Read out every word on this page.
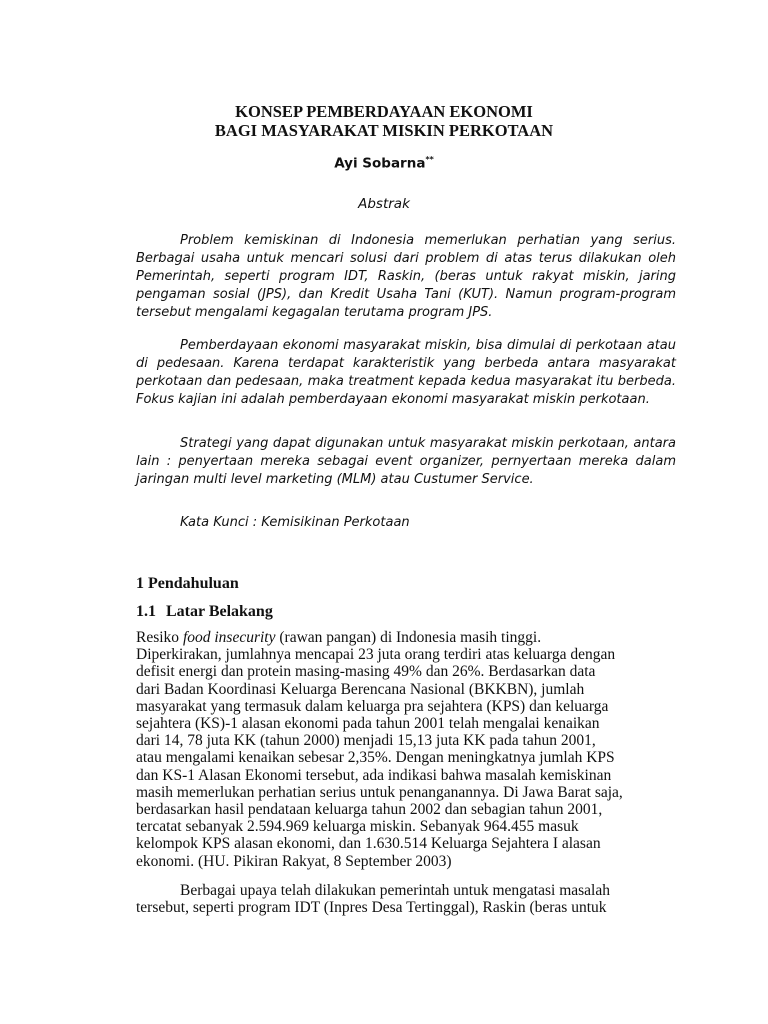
KONSEP PEMBERDAYAAN EKONOMI
BAGI MASYARAKAT MISKIN PERKOTAAN
Ayi Sobarna**
Abstrak

Problem kemiskinan di Indonesia memerlukan perhatian yang serius. Berbagai usaha untuk mencari solusi dari problem di atas terus dilakukan oleh Pemerintah, seperti program IDT, Raskin, (beras untuk rakyat miskin, jaring pengaman sosial (JPS), dan Kredit Usaha Tani (KUT). Namun program-program tersebut mengalami kegagalan terutama program JPS.

Pemberdayaan ekonomi masyarakat miskin, bisa dimulai di perkotaan atau di pedesaan. Karena terdapat karakteristik yang berbeda antara masyarakat perkotaan dan pedesaan, maka treatment kepada kedua masyarakat itu berbeda. Fokus kajian ini adalah pemberdayaan ekonomi masyarakat miskin perkotaan.

Strategi yang dapat digunakan untuk masyarakat miskin perkotaan, antara lain : penyertaan mereka sebagai event organizer, pernyertaan mereka dalam jaringan multi level marketing (MLM) atau Custumer Service.

Kata Kunci : Kemisikinan Perkotaan
1 Pendahuluan
1.1 Latar Belakang
Resiko food insecurity (rawan pangan) di Indonesia masih tinggi.
Diperkirakan, jumlahnya mencapai 23 juta orang terdiri atas keluarga dengan
defisit energi dan protein masing-masing 49% dan 26%. Berdasarkan data
dari Badan Koordinasi Keluarga Berencana Nasional (BKKBN), jumlah
masyarakat yang termasuk dalam keluarga pra sejahtera (KPS) dan keluarga
sejahtera (KS)-1 alasan ekonomi pada tahun 2001 telah mengalai kenaikan
dari 14, 78 juta KK (tahun 2000) menjadi 15,13 juta KK pada tahun 2001,
atau mengalami kenaikan sebesar 2,35%. Dengan meningkatnya jumlah KPS
dan KS-1 Alasan Ekonomi tersebut, ada indikasi bahwa masalah kemiskinan
masih memerlukan perhatian serius untuk penanganannya. Di Jawa Barat saja,
berdasarkan hasil pendataan keluarga tahun 2002 dan sebagian tahun 2001,
tercatat sebanyak 2.594.969 keluarga miskin. Sebanyak 964.455 masuk
kelompok KPS alasan ekonomi, dan 1.630.514 Keluarga Sejahtera I alasan
ekonomi. (HU. Pikiran Rakyat, 8 September 2003)
Berbagai upaya telah dilakukan pemerintah untuk mengatasi masalah
tersebut, seperti program IDT (Inpres Desa Tertinggal), Raskin (beras untuk
